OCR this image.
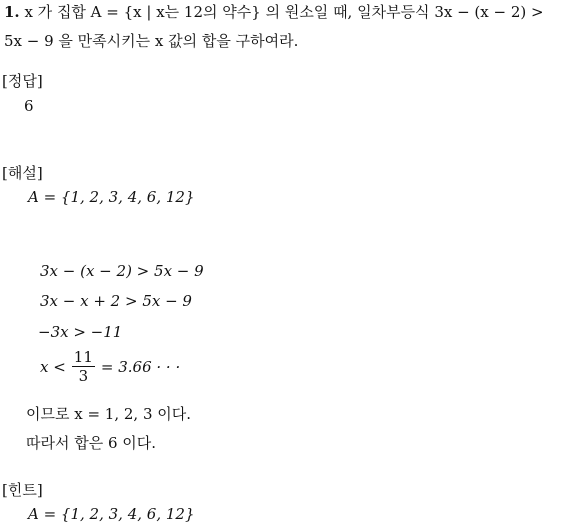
1. x 가 집합 A = {x | x는 12의 약수} 의 원소일 때, 일차부등식 3x − (x − 2) >
5x − 9 을 만족시키는 x 값의 합을 구하여라.
[정답]
6
[해설]
A = {1, 2, 3, 4, 6, 12}
3x − (x − 2) > 5x − 9
3x − x + 2 > 5x − 9
−3x > −11
$x < \frac{11}{3} = 3.66$ · · ·
이므로 x = 1, 2, 3 이다.
따라서 합은 6 이다.
[힌트]
A = {1, 2, 3, 4, 6, 12}
